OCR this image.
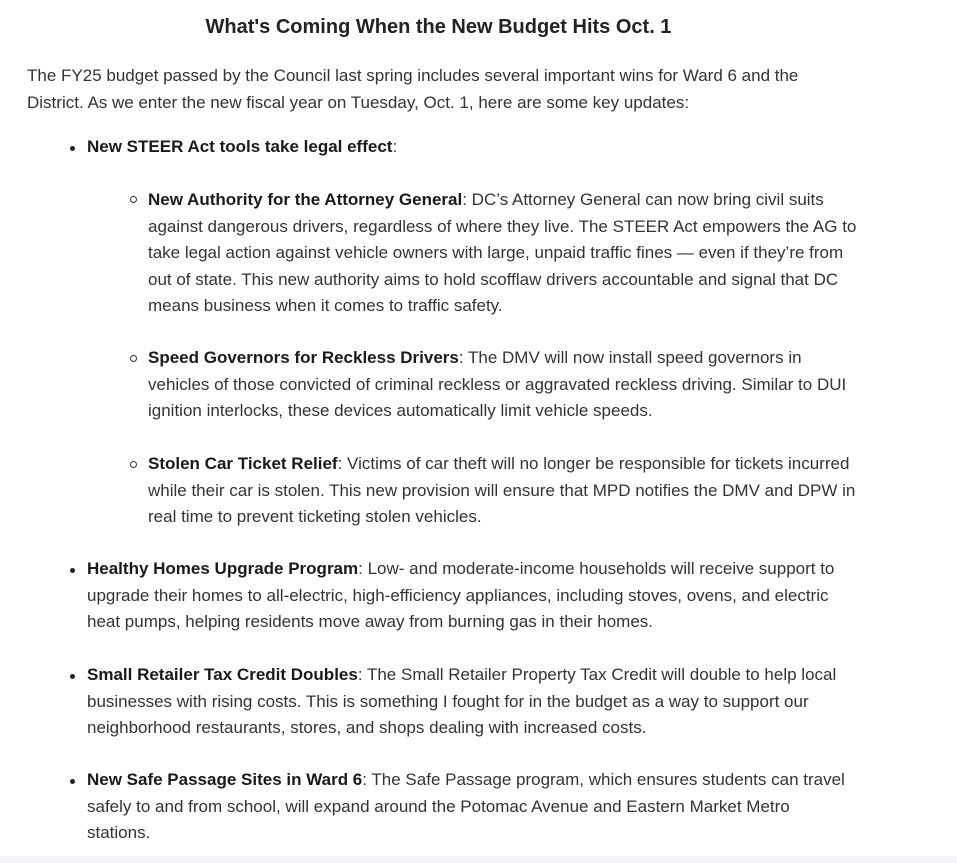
What's Coming When the New Budget Hits Oct. 1

The FY25 budget passed by the Council last spring includes several important wins for Ward 6 and the District. As we enter the new fiscal year on Tuesday, Oct. 1, here are some key updates:

New STEER Act tools take legal effect:

New Authority for the Attorney General: DC’s Attorney General can now bring civil suits against dangerous drivers, regardless of where they live. The STEER Act empowers the AG to take legal action against vehicle owners with large, unpaid traffic fines — even if they’re from out of state. This new authority aims to hold scofflaw drivers accountable and signal that DC means business when it comes to traffic safety.

Speed Governors for Reckless Drivers: The DMV will now install speed governors in vehicles of those convicted of criminal reckless or aggravated reckless driving. Similar to DUI ignition interlocks, these devices automatically limit vehicle speeds.

Stolen Car Ticket Relief: Victims of car theft will no longer be responsible for tickets incurred while their car is stolen. This new provision will ensure that MPD notifies the DMV and DPW in real time to prevent ticketing stolen vehicles.

Healthy Homes Upgrade Program: Low- and moderate-income households will receive support to upgrade their homes to all-electric, high-efficiency appliances, including stoves, ovens, and electric heat pumps, helping residents move away from burning gas in their homes.

Small Retailer Tax Credit Doubles: The Small Retailer Property Tax Credit will double to help local businesses with rising costs. This is something I fought for in the budget as a way to support our neighborhood restaurants, stores, and shops dealing with increased costs.

New Safe Passage Sites in Ward 6: The Safe Passage program, which ensures students can travel safely to and from school, will expand around the Potomac Avenue and Eastern Market Metro stations.
